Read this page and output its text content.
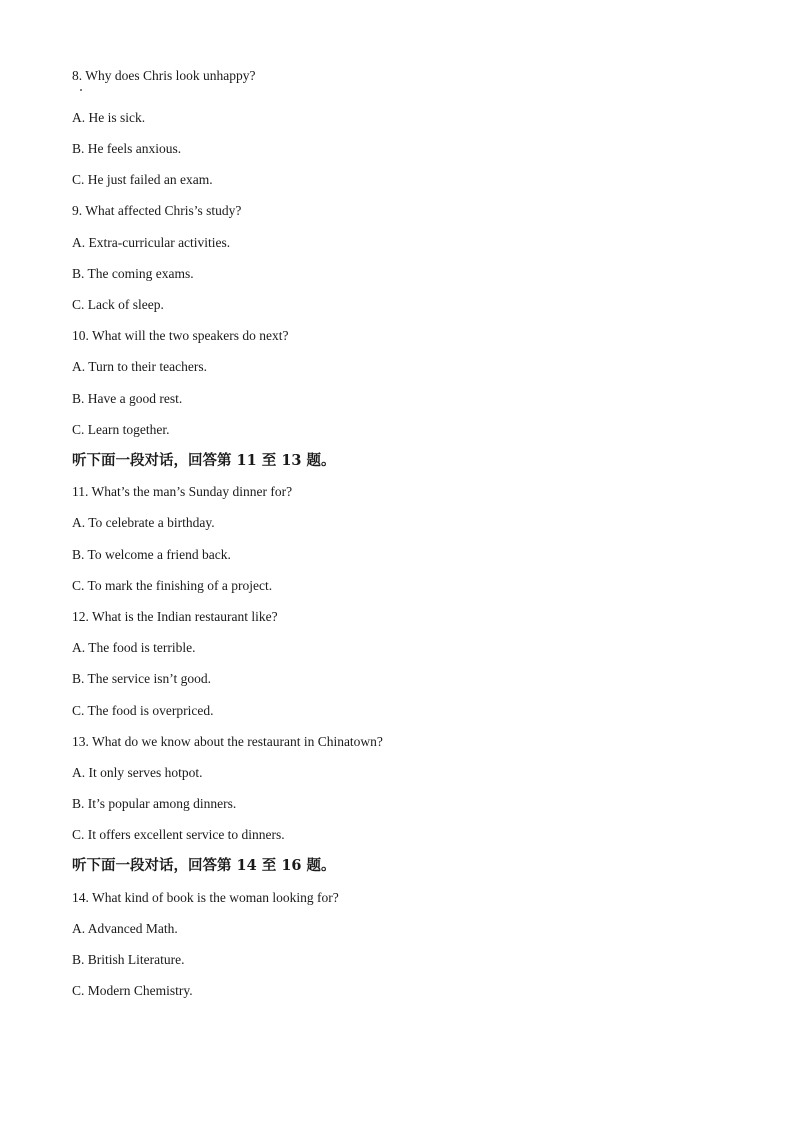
8. Why does Chris look unhappy?
A. He is sick.
B. He feels anxious.
C. He just failed an exam.
9. What affected Chris’s study?
A. Extra-curricular activities.
B. The coming exams.
C. Lack of sleep.
10. What will the two speakers do next?
A. Turn to their teachers.
B. Have a good rest.
C. Learn together.
听下面一段对话，回答第 11 至 13 题。
11. What’s the man’s Sunday dinner for?
A. To celebrate a birthday.
B. To welcome a friend back.
C. To mark the finishing of a project.
12. What is the Indian restaurant like?
A. The food is terrible.
B. The service isn’t good.
C. The food is overpriced.
13. What do we know about the restaurant in Chinatown?
A. It only serves hotpot.
B. It’s popular among dinners.
C. It offers excellent service to dinners.
听下面一段对话，回答第 14 至 16 题。
14. What kind of book is the woman looking for?
A. Advanced Math.
B. British Literature.
C. Modern Chemistry.
